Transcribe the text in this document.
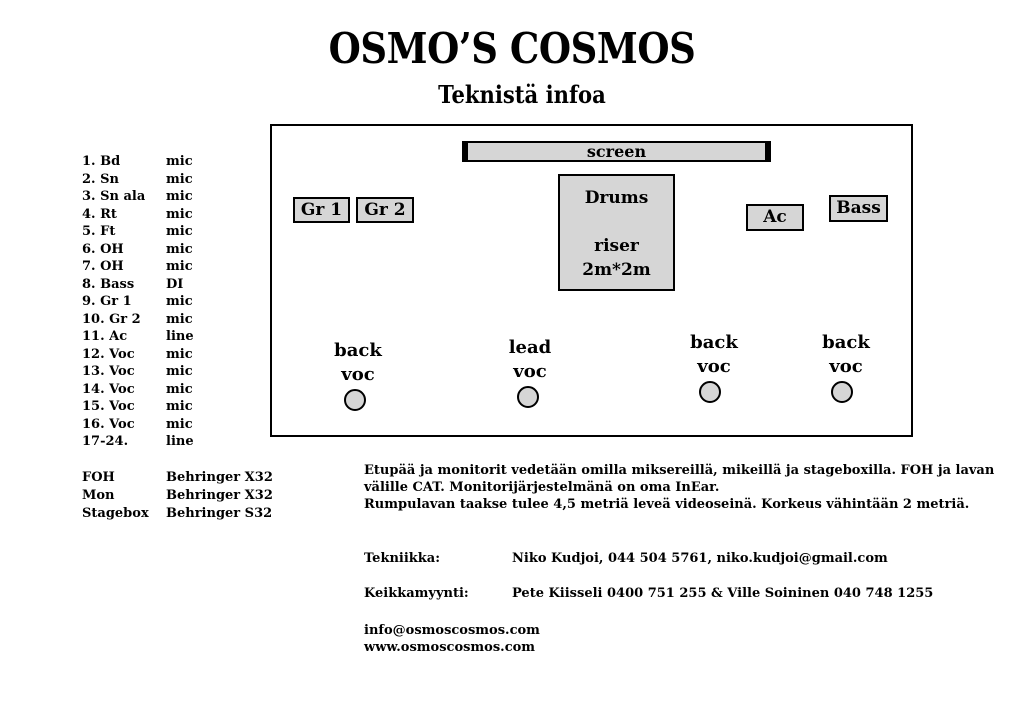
OSMO’S COSMOS
Teknistä infoa
1. Bd	mic
2. Sn	mic
3. Sn ala mic
4. Rt	mic
5. Ft	mic
6. OH	mic
7. OH	mic
8. Bass DI
9. Gr 1	mic
10. Gr 2 mic
11. Ac	line
12. Voc mic
13. Voc mic
14. Voc mic
15. Voc mic
16. Voc mic
17-24.	line
FOH	Behringer X32
Mon	Behringer X32
Stagebox Behringer S32
screen
Gr 1	Gr 2
Drums
riser
2m*2m
Ac	Bass
back
voc
lead
voc
back
voc
back
voc
Etupää ja monitorit vedetään omilla miksereillä, mikeillä ja stageboxilla. FOH ja lavan
välille CAT. Monitorijärjestelmänä on oma InEar.
Rumpulavan taakse tulee 4,5 metriä leveä videoseinä. Korkeus vähintään 2 metriä.
Tekniikka:	Niko Kudjoi, 044 504 5761, niko.kudjoi@gmail.com
Keikkamyynti:	Pete Kiisseli 0400 751 255 & Ville Soininen 040 748 1255
info@osmoscosmos.com
www.osmoscosmos.com
